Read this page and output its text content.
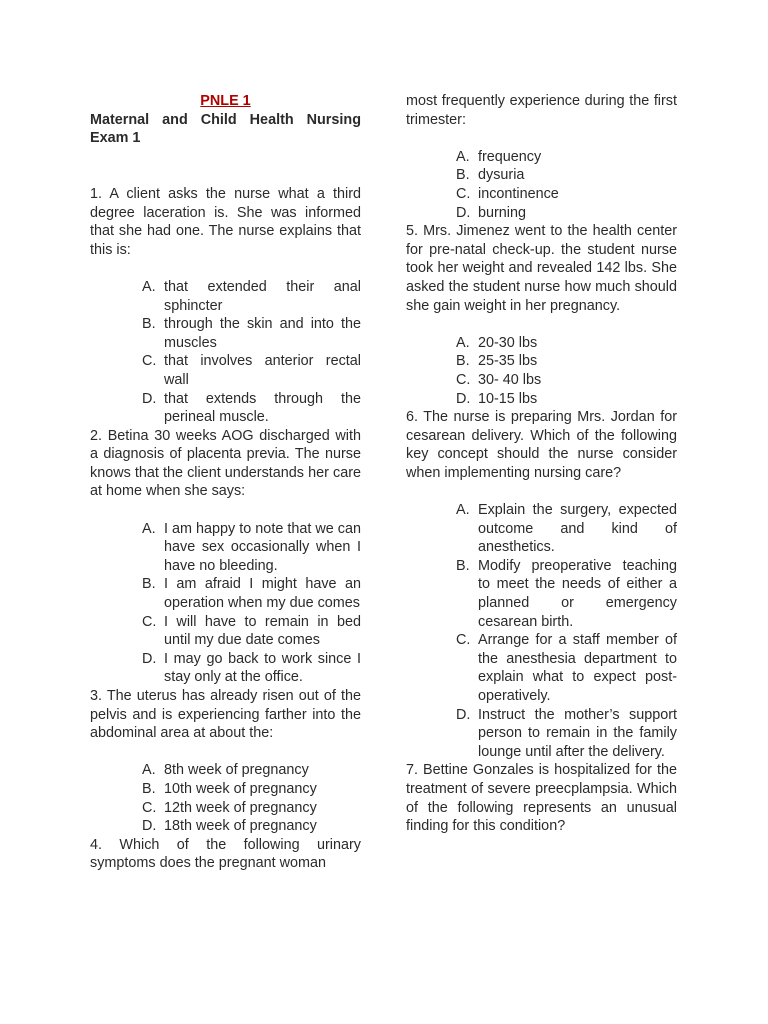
PNLE 1

Maternal and Child Health Nursing Exam 1

1. A client asks the nurse what a third degree laceration is. She was informed that she had one. The nurse explains that this is:

A. that extended their anal sphincter
B. through the skin and into the muscles
C. that involves anterior rectal wall
D. that extends through the perineal muscle.

2. Betina 30 weeks AOG discharged with a diagnosis of placenta previa. The nurse knows that the client understands her care at home when she says:

A. I am happy to note that we can have sex occasionally when I have no bleeding.
B. I am afraid I might have an operation when my due comes
C. I will have to remain in bed until my due date comes
D. I may go back to work since I stay only at the office.

3. The uterus has already risen out of the pelvis and is experiencing farther into the abdominal area at about the:

A. 8th week of pregnancy
B. 10th week of pregnancy
C. 12th week of pregnancy
D. 18th week of pregnancy

4. Which of the following urinary symptoms does the pregnant woman

most frequently experience during the first trimester:

A. frequency
B. dysuria
C. incontinence
D. burning

5. Mrs. Jimenez went to the health center for pre-natal check-up. the student nurse took her weight and revealed 142 lbs. She asked the student nurse how much should she gain weight in her pregnancy.

A. 20-30 lbs
B. 25-35 lbs
C. 30- 40 lbs
D. 10-15 lbs

6. The nurse is preparing Mrs. Jordan for cesarean delivery. Which of the following key concept should the nurse consider when implementing nursing care?

A. Explain the surgery, expected outcome and kind of anesthetics.
B. Modify preoperative teaching to meet the needs of either a planned or emergency cesarean birth.
C. Arrange for a staff member of the anesthesia department to explain what to expect post-operatively.
D. Instruct the mother’s support person to remain in the family lounge until after the delivery.

7. Bettine Gonzales is hospitalized for the treatment of severe preecplampsia. Which of the following represents an unusual finding for this condition?
